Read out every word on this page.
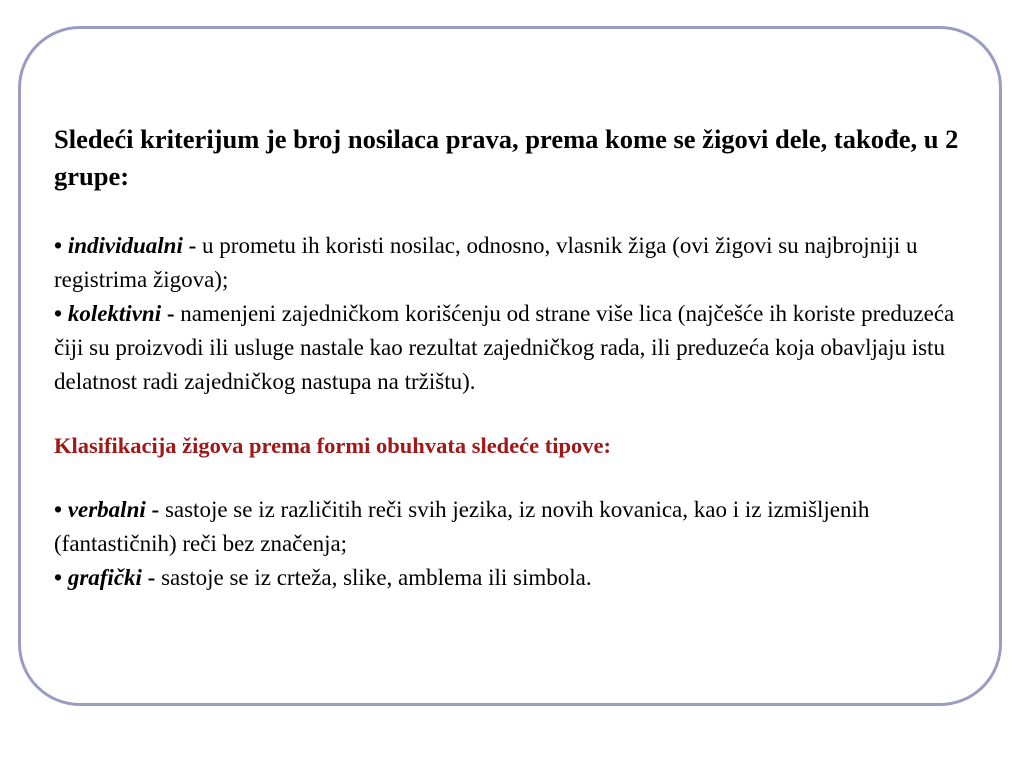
Sledeći kriterijum je broj nosilaca prava, prema kome se žigovi dele, takođe, u 2 grupe:

• individualni - u prometu ih koristi nosilac, odnosno, vlasnik žiga (ovi žigovi su najbrojniji u registrima žigova);

• kolektivni - namenjeni zajedničkom korišćenju od strane više lica (najčešće ih koriste preduzeća čiji su proizvodi ili usluge nastale kao rezultat zajedničkog rada, ili preduzeća koja obavljaju istu delatnost radi zajedničkog nastupa na tržištu).

Klasifikacija žigova prema formi obuhvata sledeće tipove:

• verbalni - sastoje se iz različitih reči svih jezika, iz novih kovanica, kao i iz izmišljenih (fantastičnih) reči bez značenja;

• grafički - sastoje se iz crteža, slike, amblema ili simbola.
